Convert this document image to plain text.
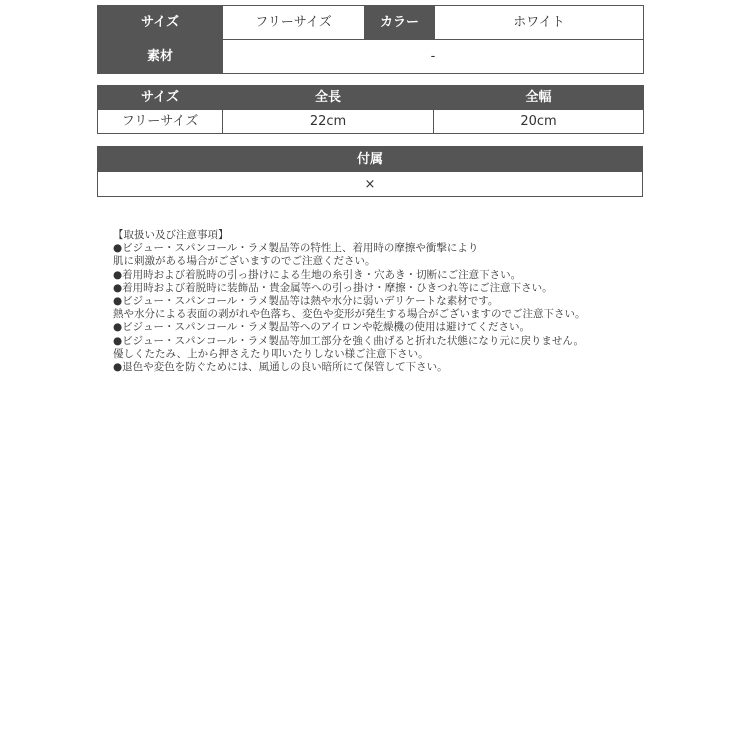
サイズ	フリーサイズ	カラー	ホワイト
素材	-		
サイズ	全長	全幅
フリーサイズ	22cm	20cm
付属
×
【取扱い及び注意事項】
●ビジュー・スパンコール・ラメ製品等の特性上、着用時の摩擦や衝撃により
肌に刺激がある場合がございますのでご注意ください。
●着用時および着脱時の引っ掛けによる生地の糸引き・穴あき・切断にご注意下さい。
●着用時および着脱時に装飾品・貴金属等への引っ掛け・摩擦・ひきつれ等にご注意下さい。
●ビジュー・スパンコール・ラメ製品等は熱や水分に弱いデリケートな素材です。
熱や水分による表面の剥がれや色落ち、変色や変形が発生する場合がございますのでご注意下さい。
●ビジュー・スパンコール・ラメ製品等へのアイロンや乾燥機の使用は避けてください。
●ビジュー・スパンコール・ラメ製品等加工部分を強く曲げると折れた状態になり元に戻りません。
優しくたたみ、上から押さえたり叩いたりしない様ご注意下さい。
●退色や変色を防ぐためには、風通しの良い暗所にて保管して下さい。
